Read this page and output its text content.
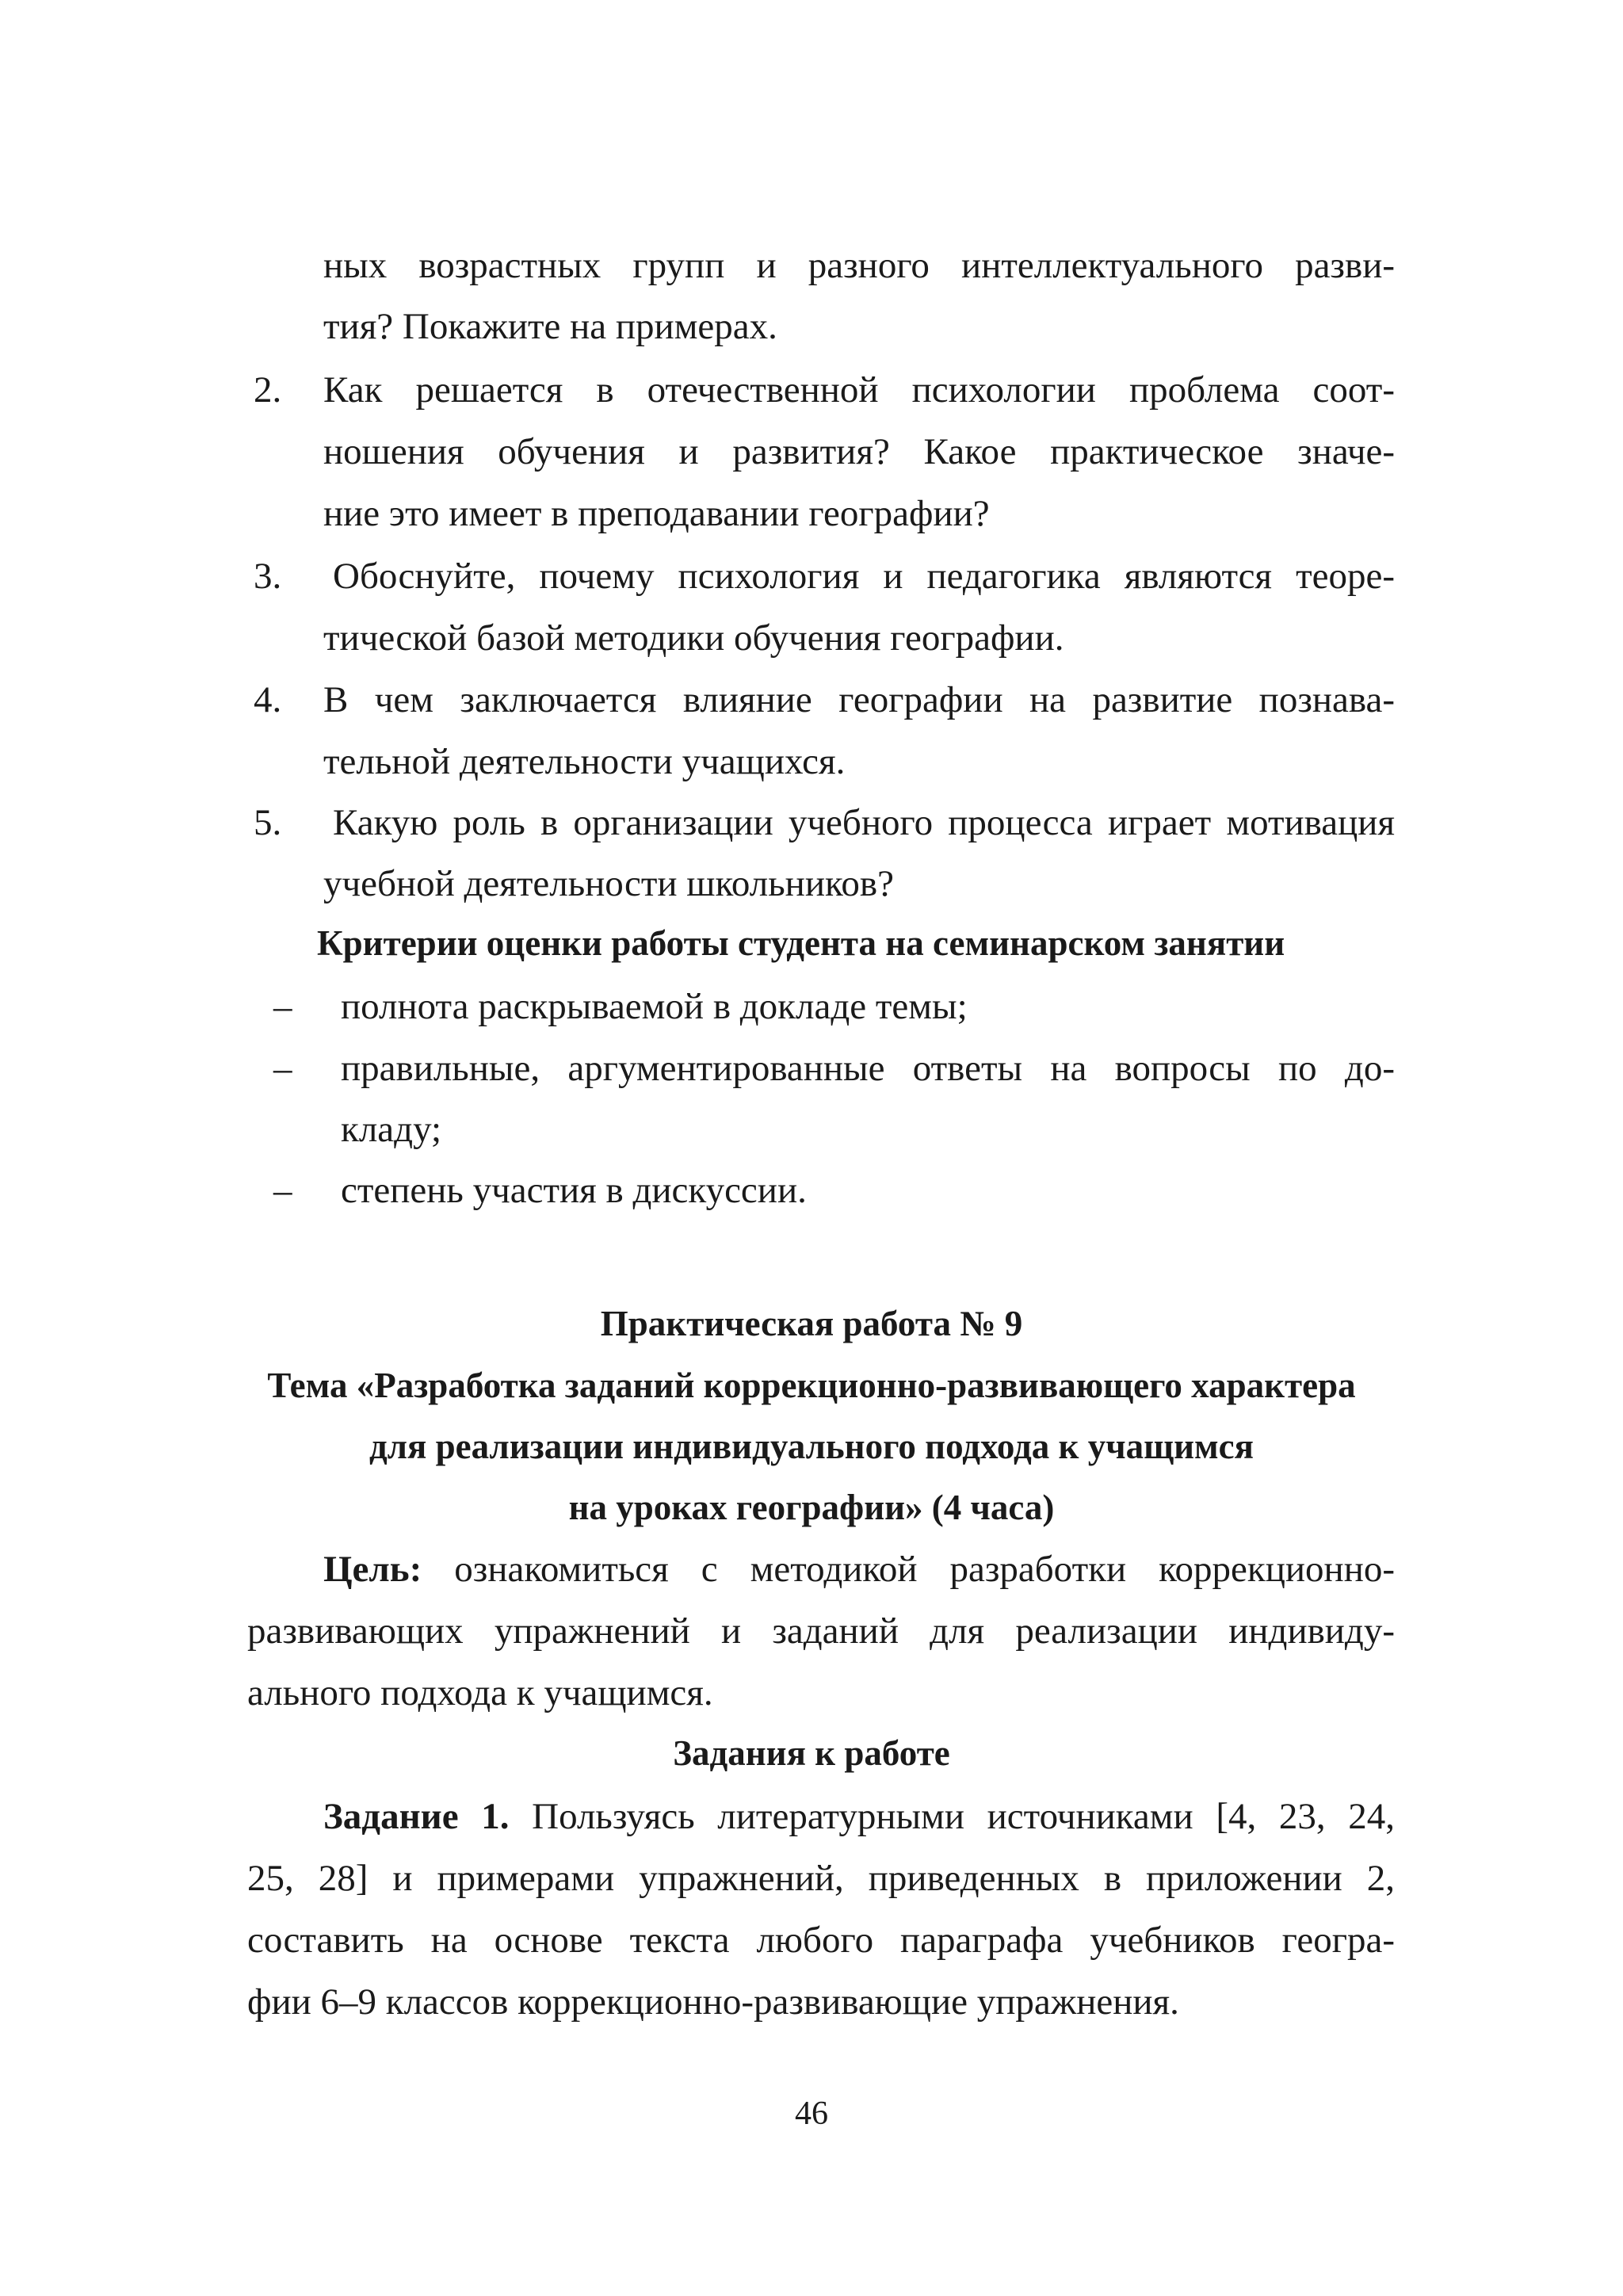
ных возрастных групп и разного интеллектуального разви-
тия? Покажите на примерах.
2. Как решается в отечественной психологии проблема соот-
ношения обучения и развития? Какое практическое значе-
ние это имеет в преподавании географии?
3. Обоснуйте, почему психология и педагогика являются теоре-
тической базой методики обучения географии.
4. В чем заключается влияние географии на развитие познава-
тельной деятельности учащихся.
5. Какую роль в организации учебного процесса играет мотивация
учебной деятельности школьников?
Критерии оценки работы студента на семинарском занятии
– полнота раскрываемой в докладе темы;
– правильные, аргументированные ответы на вопросы по до-
кладу;
– степень участия в дискуссии.
Практическая работа № 9
Тема «Разработка заданий коррекционно-развивающего характера
для реализации индивидуального подхода к учащимся
на уроках географии» (4 часа)
Цель: ознакомиться с методикой разработки коррекционно-
развивающих упражнений и заданий для реализации индивиду-
ального подхода к учащимся.
Задания к работе
Задание 1. Пользуясь литературными источниками [4, 23, 24,
25, 28] и примерами упражнений, приведенных в приложении 2,
составить на основе текста любого параграфа учебников геогра-
фии 6–9 классов коррекционно-развивающие упражнения.
46
